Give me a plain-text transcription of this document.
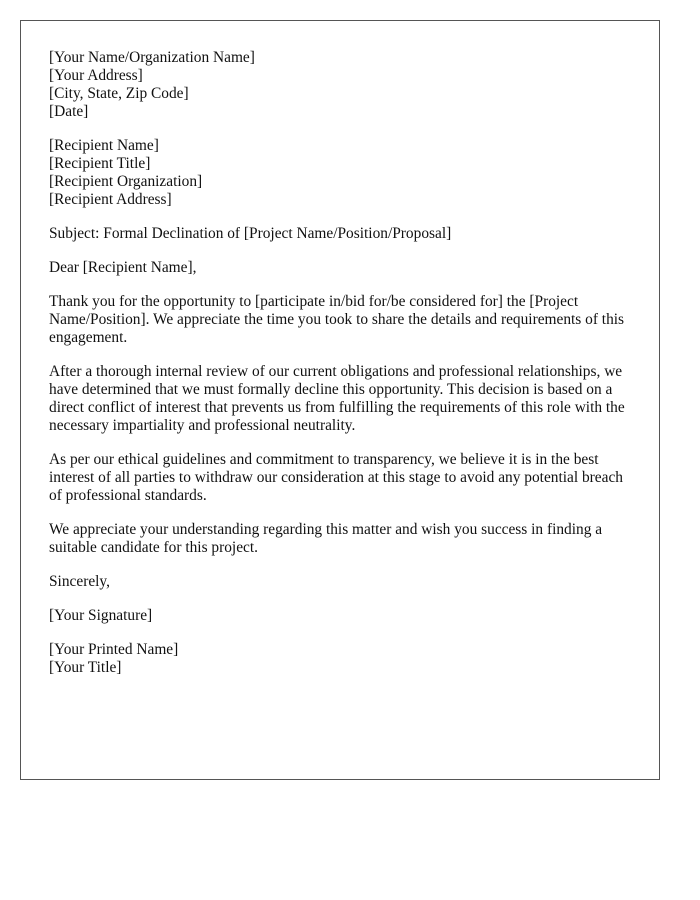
[Your Name/Organization Name]
[Your Address]
[City, State, Zip Code]
[Date]
[Recipient Name]
[Recipient Title]
[Recipient Organization]
[Recipient Address]

Subject: Formal Declination of [Project Name/Position/Proposal]

Dear [Recipient Name],

Thank you for the opportunity to [participate in/bid for/be considered for] the [Project Name/Position]. We appreciate the time you took to share the details and requirements of this engagement.

After a thorough internal review of our current obligations and professional relationships, we have determined that we must formally decline this opportunity. This decision is based on a direct conflict of interest that prevents us from fulfilling the requirements of this role with the necessary impartiality and professional neutrality.

As per our ethical guidelines and commitment to transparency, we believe it is in the best interest of all parties to withdraw our consideration at this stage to avoid any potential breach of professional standards.

We appreciate your understanding regarding this matter and wish you success in finding a suitable candidate for this project.

Sincerely,

[Your Signature]

[Your Printed Name]
[Your Title]
